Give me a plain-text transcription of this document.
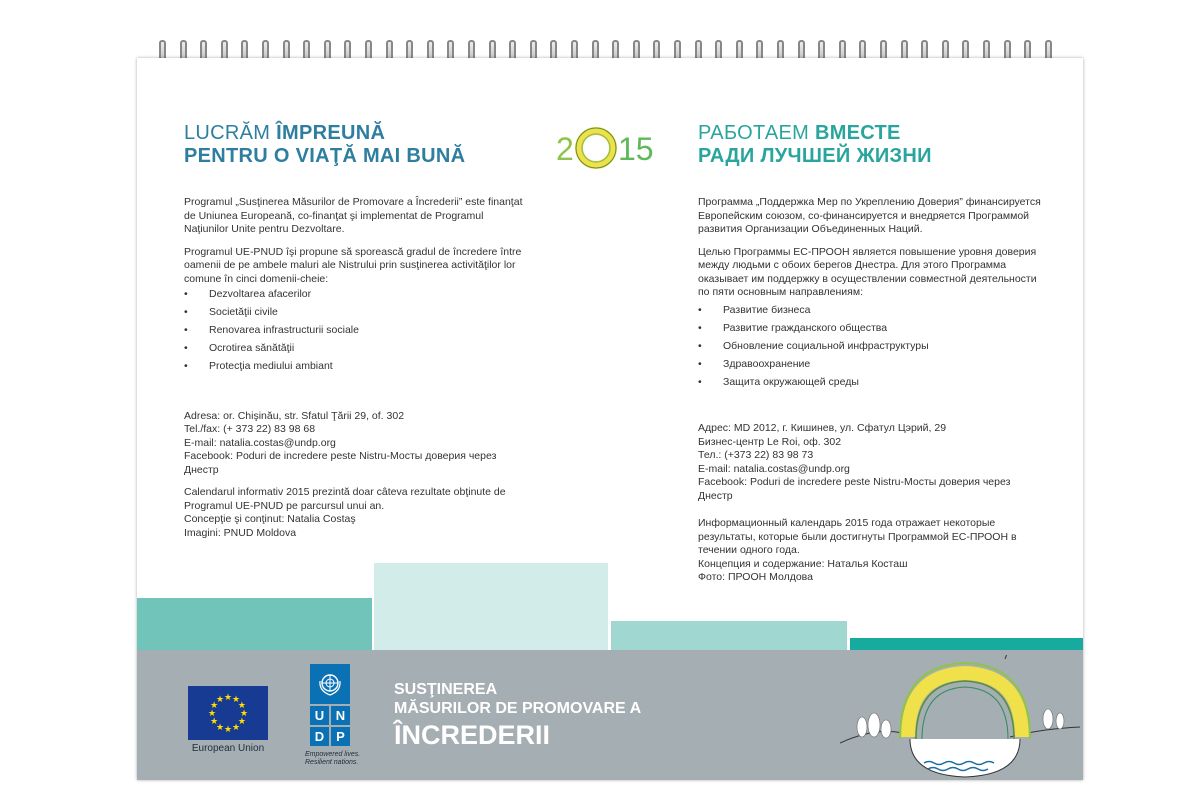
LUCRĂM ÎMPREUNĂ
PENTRU O VIAŢĂ MAI BUNĂ	2 15 РАБОТАЕМ ВМЕСТЕ
РАДИ ЛУЧШЕЙ ЖИЗНИ

Programul „Susţinerea Măsurilor de Promovare a Încrederii” este finanţat de Uniunea Europeană, co-finanţat şi implementat de Programul Naţiunilor Unite pentru Dezvoltare.

Programul UE-PNUD îşi propune să sporească gradul de încredere între oamenii de pe ambele maluri ale Nistrului prin susţinerea activităţilor lor comune în cinci domenii-cheie:

• Dezvoltarea afacerilor
• Societăţii civile
• Renovarea infrastructurii sociale
• Ocrotirea sănătăţii
• Protecţia mediului ambiant
Adresa: or. Chişinău, str. Sfatul Ţării 29, of. 302
Tel./fax: (+ 373 22) 83 98 68
E-mail: natalia.costas@undp.org
Facebook: Poduri de incredere peste Nistru-Мосты доверия через Днестр
Calendarul informativ 2015 prezintă doar câteva rezultate obţinute de Programul UE-PNUD pe parcursul unui an.
Concepţie şi conţinut: Natalia Costaş
Imagini: PNUD Moldova

Программа „Поддержка Мер по Укреплению Доверия” финансируется Европейским союзом, со-финансируется и внедряется Программой развития Организации Объединенных Наций.

Целью Программы ЕС-ПРООН является повышение уровня доверия между людьми с обоих берегов Днестра. Для этого Программа оказывает им поддержку в осуществлении совместной деятельности по пяти основным направлениям:

• Развитие бизнеса
• Развитие гражданского общества
• Обновление социальной инфраструктуры
• Здравоохранение
• Защита окружающей среды
Адрес: MD 2012, г. Кишинев, ул. Сфатул Цэрий, 29
Бизнес-центр Le Roi, оф. 302
Тел.: (+373 22) 83 98 73
E-mail: natalia.costas@undp.org
Facebook: Poduri de incredere peste Nistru-Мосты доверия через Днестр
Информационный календарь 2015 года отражает некоторые результаты, которые были достигнуты Программой ЕС-ПРООН в течении одного года.
Концепция и содержание: Наталья Косташ
Фото: ПРООН Молдова
★
★
★
★
★
★
★
★
★ ★ ★
★
European Union
U N
D P
Empowered lives.
Resilient nations.
SUSŢINEREA
MĂSURILOR DE PROMOVARE A
ÎNCREDERII
